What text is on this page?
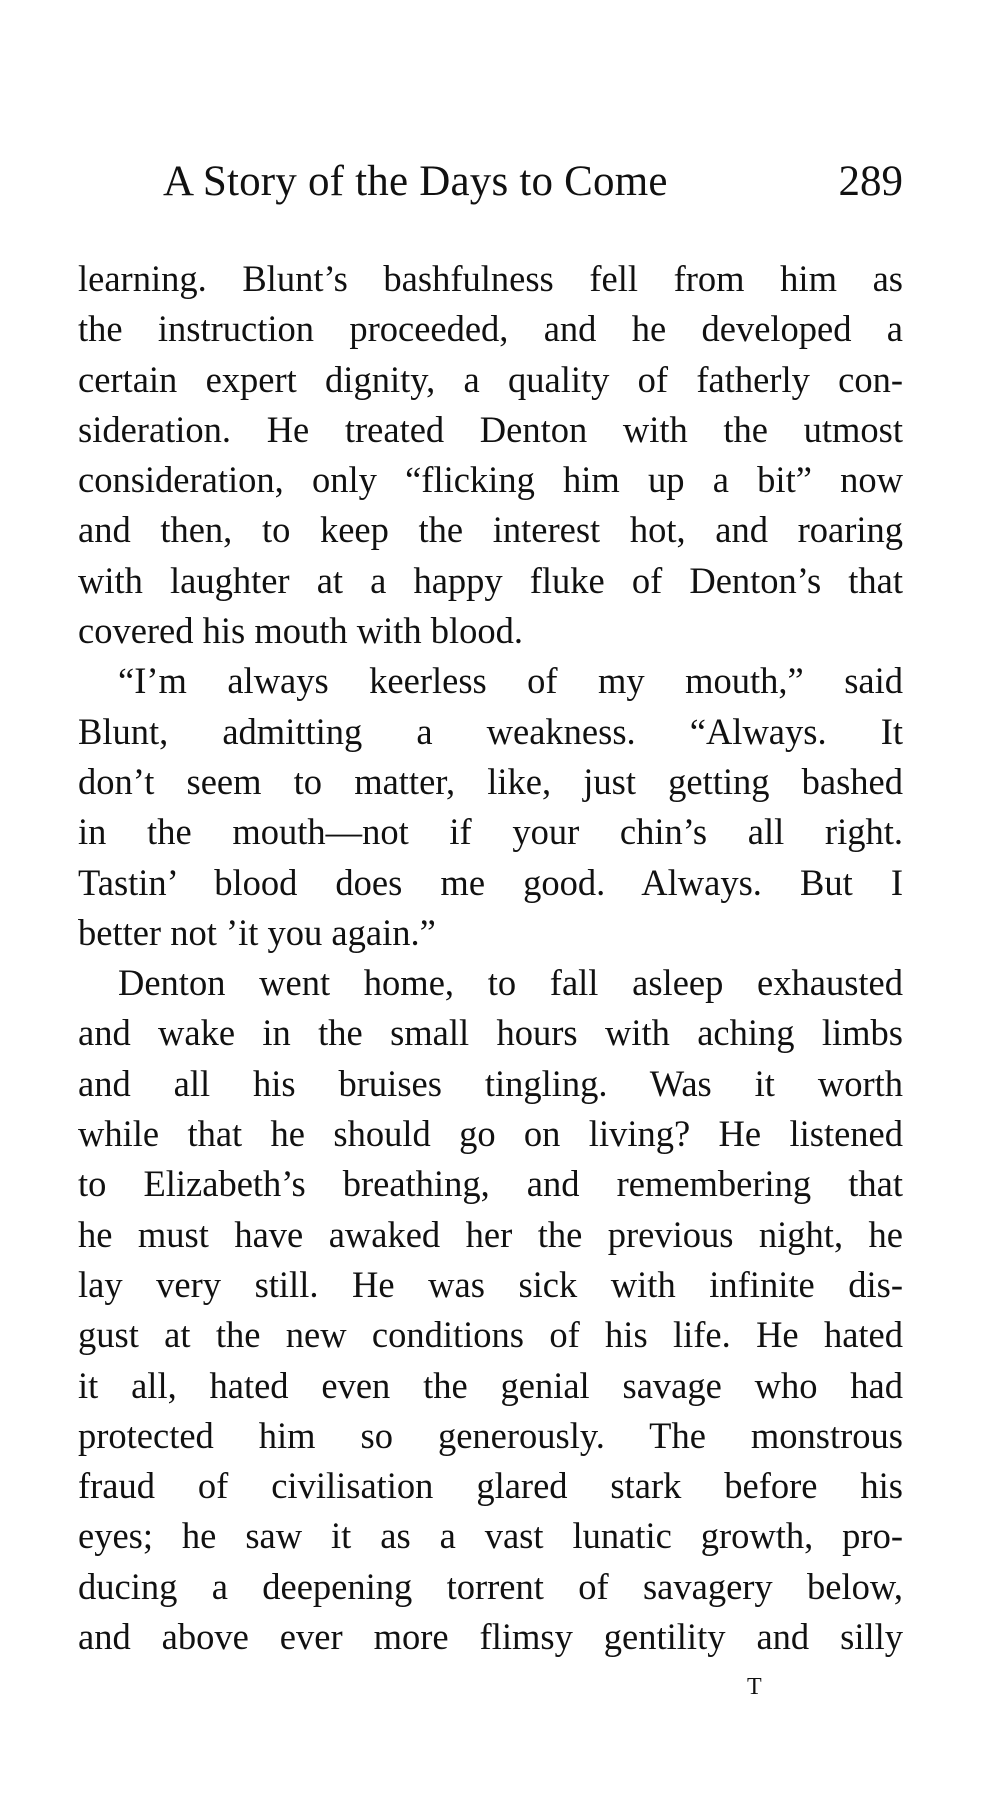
A Story of the Days to Come	289
learning. Blunt’s bashfulness fell from him as
the instruction proceeded, and he developed a
certain expert dignity, a quality of fatherly con-
sideration. He treated Denton with the utmost
consideration, only “flicking him up a bit” now
and then, to keep the interest hot, and roaring
with laughter at a happy fluke of Denton’s that
covered his mouth with blood.
“I’m always keerless of my mouth,” said
Blunt, admitting a weakness. “Always. It
don’t seem to matter, like, just getting bashed
in the mouth—not if your chin’s all right.
Tastin’ blood does me good. Always. But I
better not ’it you again.”
Denton went home, to fall asleep exhausted
and wake in the small hours with aching limbs
and all his bruises tingling. Was it worth
while that he should go on living? He listened
to Elizabeth’s breathing, and remembering that
he must have awaked her the previous night, he
lay very still. He was sick with infinite dis-
gust at the new conditions of his life. He hated
it all, hated even the genial savage who had
protected him so generously. The monstrous
fraud of civilisation glared stark before his
eyes; he saw it as a vast lunatic growth, pro-
ducing a deepening torrent of savagery below,
and above ever more flimsy gentility and silly
T
